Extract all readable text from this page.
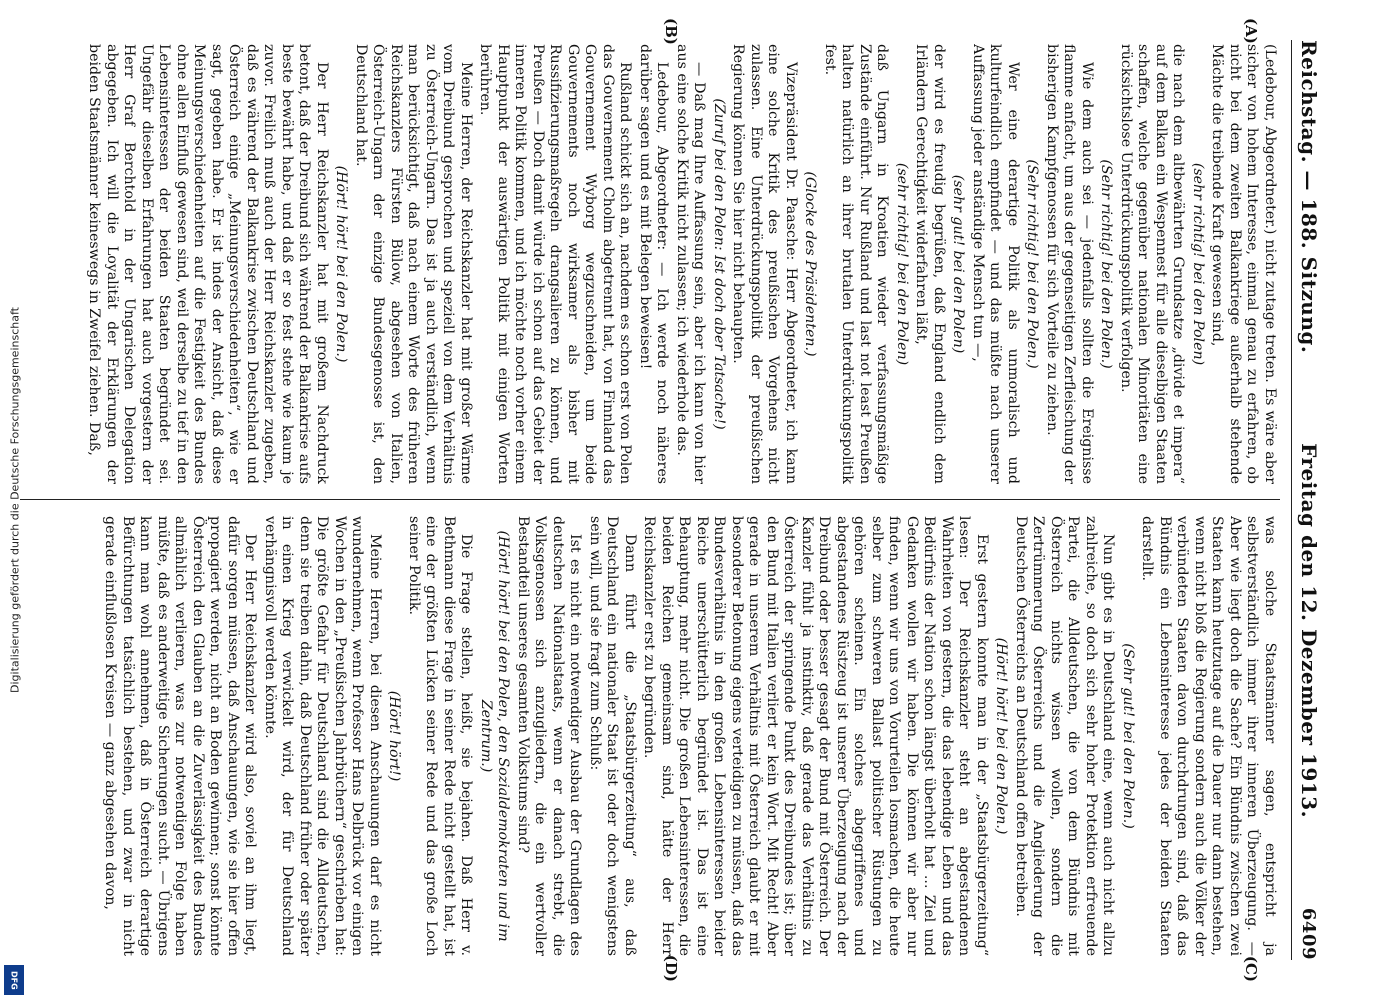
Reichstag. — 188. Sitzung.
Freitag den 12. Dezember 1913.
6409
(A)
(B)
(C)
(D)

(Ledebour, Abgeordneter.) nicht zutage treten. Es wäre aber sicher von hohem Interesse, einmal genau zu erfahren, ob nicht bei dem zweiten Balkankriege außerhalb stehende Mächte die treibende Kraft gewesen sind,

(sehr richtig! bei den Polen)

die nach dem altbewährten Grundsatze „divide et impera“ auf dem Balkan ein Wespennest für alle dieselbigen Staaten schaffen, welche gegenüber nationalen Minoritäten eine rücksichtslose Unterdrückungspolitik verfolgen.

(Sehr richtig! bei den Polen.)

Wie dem auch sei — jedenfalls sollten die Ereignisse flamme anfacht, um aus der gegenseitigen Zerfleischung der bisherigen Kampfgenossen für sich Vorteile zu ziehen.

(Sehr richtig! bei den Polen.)

Wer eine derartige Politik als unmoralisch und kulturfeindlich empfindet — und das müßte nach unserer Auffassung jeder anständige Mensch tun —,

(sehr gut! bei den Polen)

der wird es freudig begrüßen, daß England endlich dem Irländern Gerechtigkeit widerfahren läßt,

(sehr richtig! bei den Polen)

daß Ungarn in Kroatien wieder verfassungsmäßige Zustände einführt. Nur Rußland und last not least Preußen halten natürlich an ihrer brutalen Unterdrückungspolitik fest.

(Glocke des Präsidenten.)

Vizepräsident Dr. Paasche: Herr Abgeordneter, ich kann eine solche Kritik des preußischen Vorgehens nicht zulassen. Eine Unterdrückungspolitik der preußischen Regierung können Sie hier nicht behaupten.

(Zuruf bei den Polen: Ist doch aber Tatsache!)

— Daß mag Ihre Auffassung sein, aber ich kann von hier aus eine solche Kritik nicht zulassen; ich wiederhole das.

Ledebour, Abgeordneter: — Ich werde noch näheres darüber sagen und es mit Belegen beweisen!

Rußland schickt sich an, nachdem es schon erst von Polen das Gouvernement Cholm abgetrennt hat, von Finnland das Gouvernement Wyborg wegzuschneiden, um beide Gouvernements noch wirksamer als bisher mit Russifizierungsmaßregeln drangsalieren zu können, und Preußen — Doch damit würde ich schon auf das Gebiet der inneren Politik kommen, und ich möchte noch vorher einem Hauptpunkt der auswärtigen Politik mit einigen Worten berühren.

Meine Herren, der Reichskanzler hat mit großer Wärme vom Dreibund gesprochen und speziell von dem Verhältnis zu Österreich-Ungarn. Das ist ja auch verständlich, wenn man berücksichtigt, daß nach einem Worte des früheren Reichskanzlers Fürsten Bülow, abgesehen von Italien, Österreich-Ungarn der einzige Bundesgenosse ist, den Deutschland hat.

(Hört! hört! bei den Polen.)

Der Herr Reichskanzler hat mit großem Nachdruck betont, daß der Dreibund sich während der Balkankrise aufs beste bewährt habe, und daß er so fest stehe wie kaum je zuvor. Freilich muß auch der Herr Reichskanzler zugeben, daß es während der Balkankrise zwischen Deutschland und Österreich einige „Meinungsverschiedenheiten“, wie er sagt, gegeben habe. Er ist indes der Ansicht, daß diese Meinungsverschiedenheiten auf die Festigkeit des Bundes ohne allen Einfluß gewesen sind, weil derselbe zu tief in den Lebensinteressen der beiden Staaten begründet sei. Ungefähr dieselben Erfahrungen hat auch vorgestern der Herr Graf Berchtold in der Ungarischen Delegation abgegeben. Ich will die Loyalität der Erklärungen der beiden Staatsmänner keineswegs in Zweifel ziehen. Daß,

was solche Staatsmänner sagen, entspricht ja selbstverständlich immer ihrer inneren Überzeugung. — Aber wie liegt doch die Sache? Ein Bündnis zwischen zwei Staaten kann heutzutage auf die Dauer nur dann bestehen, wenn nicht bloß die Regierung sondern auch die Völker der verbündeten Staaten davon durchdrungen sind, daß das Bündnis ein Lebensinteresse jedes der beiden Staaten darstellt.

(Sehr gut! bei den Polen.)

Nun gibt es in Deutschland eine, wenn auch nicht allzu zahlreiche, so doch sich sehr hoher Protektion erfreuende Partei, die Alldeutschen, die von dem Bündnis mit Österreich nichts wissen wollen, sondern die Zertrümmerung Österreichs und die Angliederung der Deutschen Österreichs an Deutschland offen betreiben.

(Hört! hört! bei den Polen.)

Erst gestern konnte man in der „Staatsbürgerzeitung“ lesen: Der Reichskanzler steht an abgestandenen Wahrheiten von gestern, die das lebendige Leben und das Bedürfnis der Nation schon längst überholt hat ... Ziel und Gedanken wollen wir haben. Die können wir aber nur finden, wenn wir uns von Vorurteilen losmachen, die heute selber zum schweren Ballast politischer Rüstungen zu gehören scheinen. Ein solches abgegriffenes und abgestandenes Rüstzeug ist unserer Überzeugung nach der Dreibund oder besser gesagt der Bund mit Österreich. Der Kanzler fühlt ja instinktiv, daß gerade das Verhältnis zu Österreich der springende Punkt des Dreibundes ist; über den Bund mit Italien verliert er kein Wort. Mit Recht! Aber gerade in unserem Verhältnis mit Österreich glaubt er mit besonderer Betonung eigens verteidigen zu müssen, daß das Bundesverhältnis in den großen Lebensinteressen beider Reiche unerschütterlich begründet ist. Das ist eine Behauptung, mehr nicht. Die großen Lebensinteressen, die beiden Reichen gemeinsam sind, hätte der Herr Reichskanzler erst zu begründen.

Dann führt die „Staatsbürgerzeitung“ aus, daß Deutschland ein nationaler Staat ist oder doch wenigstens sein will, und sie fragt zum Schluß:

Ist es nicht ein notwendiger Ausbau der Grundlagen des deutschen Nationalstaats, wenn er danach strebt, die Volksgenossen sich anzugliedern, die ein wertvoller Bestandteil unseres gesamten Volkstums sind?

(Hört! hört! bei den Polen, den Sozialdemokraten und im Zentrum.)

Die Frage stellen, heißt, sie bejahen. Daß Herr v. Bethmann diese Frage in seiner Rede nicht gestellt hat, ist eine der größten Lücken seiner Rede und das große Loch seiner Politik.

(Hört! hört!)

Meine Herren, bei diesen Anschauungen darf es nicht wundernehmen, wenn Professor Hans Delbrück vor einigen Wochen in den „Preußischen Jahrbüchern“ geschrieben hat: Die größte Gefahr für Deutschland sind die Alldeutschen, denn sie treiben dahin, daß Deutschland früher oder später in einen Krieg verwickelt wird, der für Deutschland verhängnisvoll werden könnte.

Der Herr Reichskanzler wird also, soviel an ihm liegt, dafür sorgen müssen, daß Anschauungen, wie sie hier offen propagiert werden, nicht an Boden gewinnen; sonst könnte Österreich den Glauben an die Zuverlässigkeit des Bundes allmählich verlieren, was zur notwendigen Folge haben müßte, daß es anderweitige Sicherungen sucht. — Übrigens kann man wohl annehmen, daß in Österreich derartige Befürchtungen tatsächlich bestehen, und zwar in nicht gerade einflußlosen Kreisen — ganz abgesehen davon,

Digitalisierung gefördert durch die Deutsche Forschungsgemeinschaft
DFG
